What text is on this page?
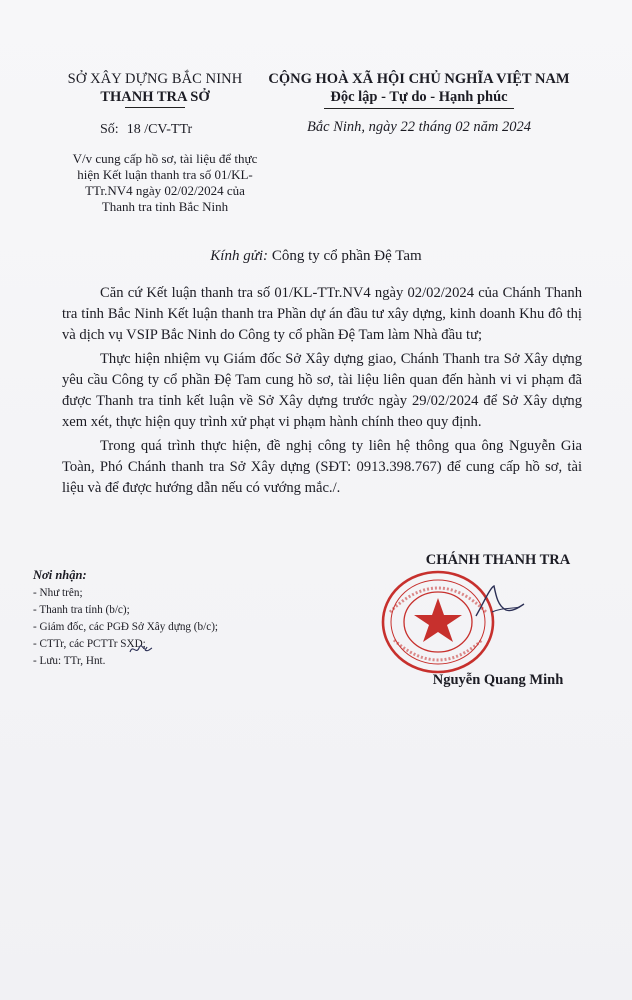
SỞ XÂY DỰNG BẮC NINH
THANH TRA SỞ
CỘNG HOÀ XÃ HỘI CHỦ NGHĨA VIỆT NAM
Độc lập - Tự do - Hạnh phúc
Số: 18 /CV-TTr	Bắc Ninh, ngày 22 tháng 02 năm 2024
V/v cung cấp hồ sơ, tài liệu để thực hiện Kết luận thanh tra số 01/KL-TTr.NV4 ngày 02/02/2024 của Thanh tra tỉnh Bắc Ninh
Kính gửi: Công ty cổ phần Đệ Tam

Căn cứ Kết luận thanh tra số 01/KL-TTr.NV4 ngày 02/02/2024 của Chánh Thanh tra tỉnh Bắc Ninh Kết luận thanh tra Phần dự án đầu tư xây dựng, kinh doanh Khu đô thị và dịch vụ VSIP Bắc Ninh do Công ty cổ phần Đệ Tam làm Nhà đầu tư;

Thực hiện nhiệm vụ Giám đốc Sở Xây dựng giao, Chánh Thanh tra Sở Xây dựng yêu cầu Công ty cổ phần Đệ Tam cung hồ sơ, tài liệu liên quan đến hành vi vi phạm đã được Thanh tra tỉnh kết luận về Sở Xây dựng trước ngày 29/02/2024 để Sở Xây dựng xem xét, thực hiện quy trình xử phạt vi phạm hành chính theo quy định.

Trong quá trình thực hiện, đề nghị công ty liên hệ thông qua ông Nguyễn Gia Toàn, Phó Chánh thanh tra Sở Xây dựng (SĐT: 0913.398.767) để cung cấp hồ sơ, tài liệu và để được hướng dẫn nếu có vướng mắc./.

Nơi nhận:
- Như trên;
- Thanh tra tỉnh (b/c);
- Giám đốc, các PGĐ Sở Xây dựng (b/c);
- CTTr, các PCTTr SXD;
- Lưu: TTr, Hnt.
CHÁNH THANH TRA
Nguyễn Quang Minh
